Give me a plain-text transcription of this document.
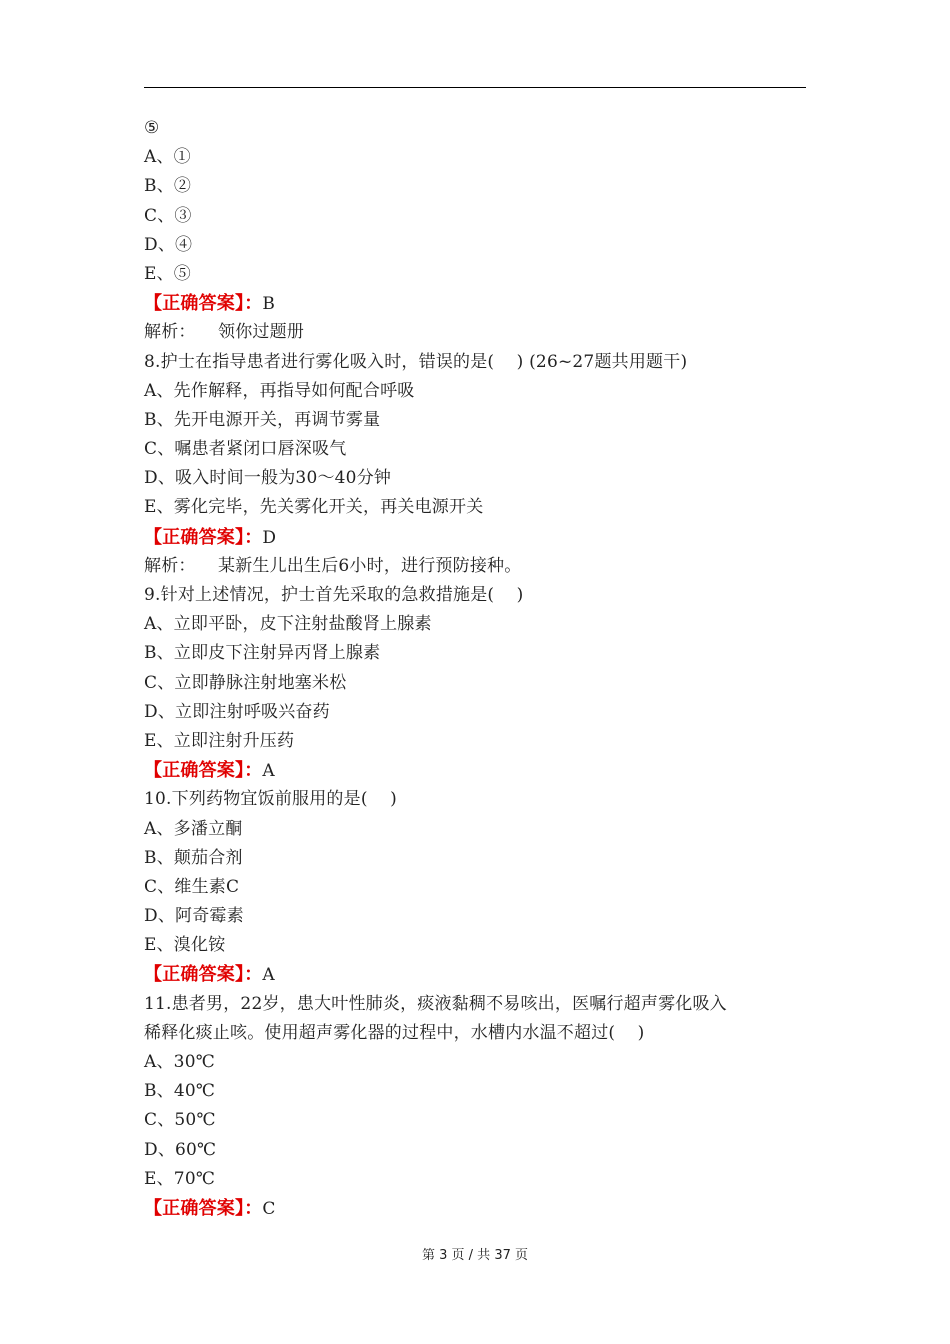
⑤
A、①
B、②
C、③
D、④
E、⑤
【正确答案】：B
解析：    领你过题册
8.护士在指导患者进行雾化吸入时，错误的是(    ) (26~27题共用题干)
A、先作解释，再指导如何配合呼吸
B、先开电源开关，再调节雾量
C、嘱患者紧闭口唇深吸气
D、吸入时间一般为30～40分钟
E、雾化完毕，先关雾化开关，再关电源开关
【正确答案】：D
解析：    某新生儿出生后6小时，进行预防接种。
9.针对上述情况，护士首先采取的急救措施是(    )
A、立即平卧，皮下注射盐酸肾上腺素
B、立即皮下注射异丙肾上腺素
C、立即静脉注射地塞米松
D、立即注射呼吸兴奋药
E、立即注射升压药
【正确答案】：A
10.下列药物宜饭前服用的是(    )
A、多潘立酮
B、颠茄合剂
C、维生素C
D、阿奇霉素
E、溴化铵
【正确答案】：A
11.患者男，22岁，患大叶性肺炎，痰液黏稠不易咳出，医嘱行超声雾化吸入
稀释化痰止咳。使用超声雾化器的过程中，水槽内水温不超过(    )
A、30℃
B、40℃
C、50℃
D、60℃
E、70℃
【正确答案】：C
第 3 页 / 共 37 页
